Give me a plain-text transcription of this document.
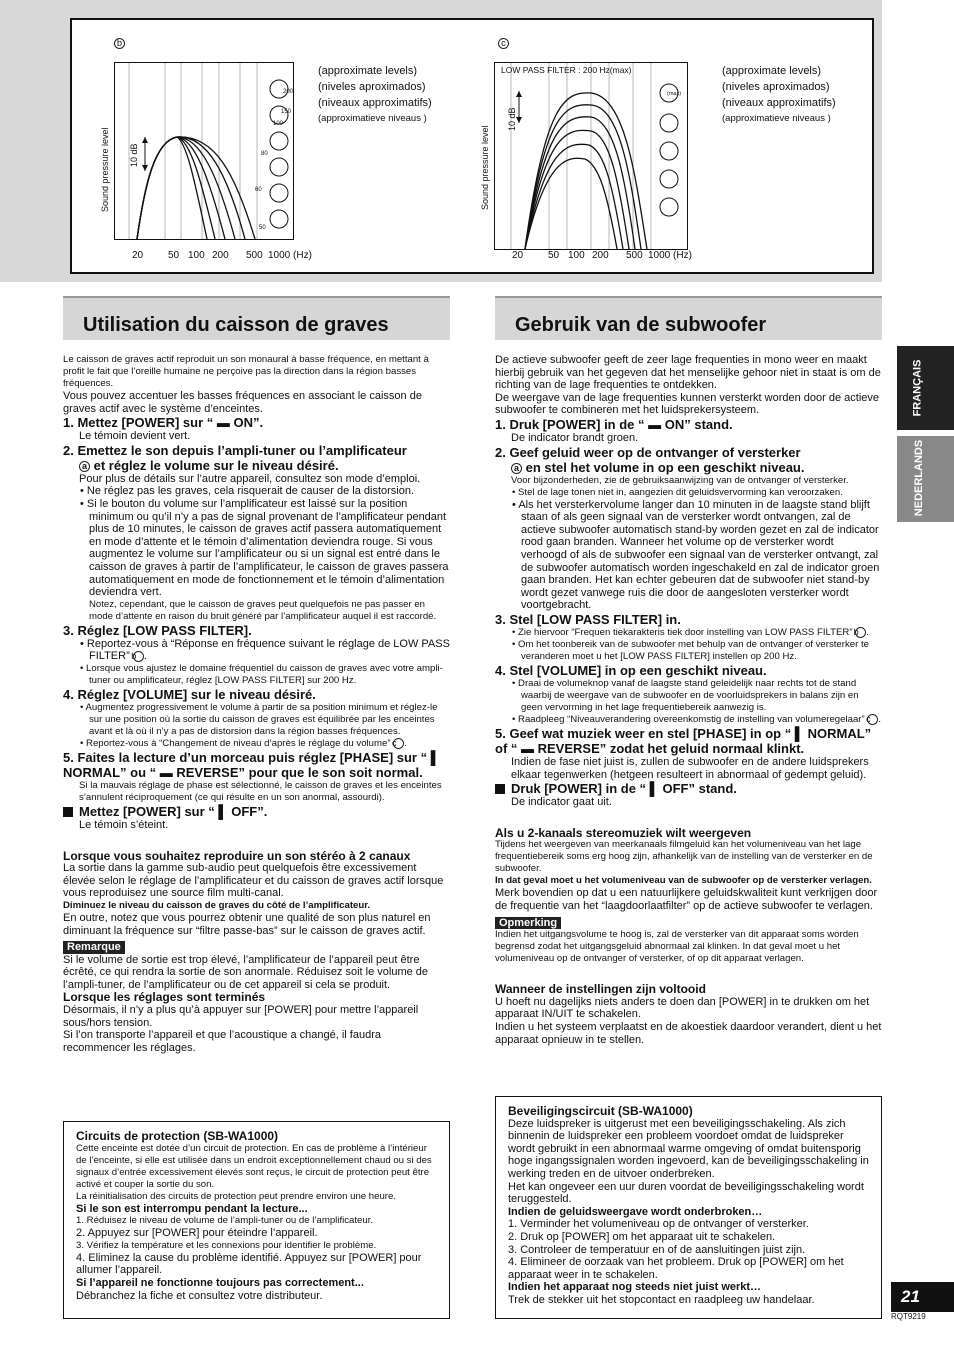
b
200
150
100
80
60
50
10 dB
Sound pressure level
20 50 100 200 500 1000 (Hz)
(approximate levels)
(niveles aproximados)
(niveaux approximatifs)
(approximatieve niveaus )
c
LOW PASS FILTER : 200 Hz(max)
(max)
10 dB
Sound pressure level
20 50 100 200 500 1000 (Hz)
(approximate levels)
(niveles aproximados)
(niveaux approximatifs)
(approximatieve niveaus )
Utilisation du caisson de graves	Gebruik van de subwoofer

Le caisson de graves actif reproduit un son monaural à basse fréquence, en mettant à profit le fait que l’oreille humaine ne perçoive pas la direction dans la région basses fréquences.

Vous pouvez accentuer les basses fréquences en associant le caisson de graves actif avec le système d’enceintes.

1. Mettez [POWER] sur “ ▬ ON”.

Le témoin devient vert.

2. Emettez le son depuis l’ampli-tuner ou l’amplificateur

a et réglez le volume sur le niveau désiré.

Pour plus de détails sur l’autre appareil, consultez son mode d’emploi.

• Ne réglez pas les graves, cela risquerait de causer de la distorsion.

• Si le bouton du volume sur l’amplificateur est laissé sur la position minimum ou qu’il n’y a pas de signal provenant de l’amplificateur pendant plus de 10 minutes, le caisson de graves actif passera automatiquement en mode d’attente et le témoin d’alimentation deviendra rouge. Si vous augmentez le volume sur l’amplificateur ou si un signal est entré dans le caisson de graves à partir de l’amplificateur, le caisson de graves passera automatiquement en mode de fonctionnement et le témoin d’alimentation deviendra vert.

Notez, cependant, que le caisson de graves peut quelquefois ne pas passer en mode d’attente en raison du bruit généré par l’amplificateur auquel il est raccordé.

3. Réglez [LOW PASS FILTER].

• Reportez-vous à “Réponse en fréquence suivant le réglage de LOW PASS FILTER” b .

• Lorsque vous ajustez le domaine fréquentiel du caisson de graves avec votre ampli-tuner ou amplificateur, réglez [LOW PASS FILTER] sur 200 Hz.

4. Réglez [VOLUME] sur le niveau désiré.

• Augmentez progressivement le volume à partir de sa position minimum et réglez-le sur une position où la sortie du caisson de graves est équilibrée par les enceintes avant et là où il n’y a pas de distorsion dans la région basses fréquences.

• Reportez-vous à “Changement de niveau d’après le réglage du volume” c .

5. Faites la lecture d’un morceau puis réglez [PHASE] sur “ ▌ NORMAL” ou “ ▬ REVERSE” pour que le son soit normal.

Si la mauvais réglage de phase est sélectionné, le caisson de graves et les enceintes s’annulent réciproquement (ce qui résulte en un son anormal, assourdi).

Mettez [POWER] sur “ ▌ OFF”.

Le témoin s’éteint.

Lorsque vous souhaitez reproduire un son stéréo à 2 canaux

La sortie dans la gamme sub-audio peut quelquefois être excessivement élevée selon le réglage de l’amplificateur et du caisson de graves actif lorsque vous reproduisez une source film multi-canal.

Diminuez le niveau du caisson de graves du côté de l’amplificateur.

En outre, notez que vous pourrez obtenir une qualité de son plus naturel en diminuant la fréquence sur “filtre passe-bas” sur le caisson de graves actif.

Remarque

Si le volume de sortie est trop élevé, l’amplificateur de l’appareil peut être écrêté, ce qui rendra la sortie de son anormale. Réduisez soit le volume de l’ampli-tuner, de l’amplificateur ou de cet appareil si cela se produit.

Lorsque les réglages sont terminés

Désormais, il n’y a plus qu’à appuyer sur [POWER] pour mettre l’appareil sous/hors tension.

Si l’on transporte l’appareil et que l’acoustique a changé, il faudra recommencer les réglages.

Circuits de protection (SB-WA1000)

Cette enceinte est dotée d’un circuit de protection. En cas de problème à l’intérieur de l’enceinte, si elle est utilisée dans un endroit exceptionnellement chaud ou si des signaux d’entrée excessivement élevés sont reçus, le circuit de protection peut être activé et couper la sortie du son.

La réinitialisation des circuits de protection peut prendre environ une heure.

Si le son est interrompu pendant la lecture...

1. Réduisez le niveau de volume de l’ampli-tuner ou de l’amplificateur.

2. Appuyez sur [POWER] pour éteindre l’appareil.

3. Vérifiez la température et les connexions pour identifier le problème.

4. Eliminez la cause du problème identifié. Appuyez sur [POWER] pour allumer l’appareil.

Si l’appareil ne fonctionne toujours pas correctement...

Débranchez la fiche et consultez votre distributeur.

De actieve subwoofer geeft de zeer lage frequenties in mono weer en maakt hierbij gebruik van het gegeven dat het menselijke gehoor niet in staat is om de richting van de lage frequenties te ontdekken.

De weergave van de lage frequenties kunnen versterkt worden door de actieve subwoofer te combineren met het luidsprekersysteem.

1. Druk [POWER] in de “ ▬ ON” stand.

De indicator brandt groen.

2. Geef geluid weer op de ontvanger of versterker

a en stel het volume in op een geschikt niveau.

Voor bijzonderheden, zie de gebruiksaanwijzing van de ontvanger of versterker.

• Stel de lage tonen niet in, aangezien dit geluidsvervorming kan veroorzaken.

• Als het versterkervolume langer dan 10 minuten in de laagste stand blijft staan of als geen signaal van de versterker wordt ontvangen, zal de actieve subwoofer automatisch stand-by worden gezet en zal de indicator rood gaan branden. Wanneer het volume op de versterker wordt verhoogd of als de subwoofer een signaal van de versterker ontvangt, zal de subwoofer automatisch worden ingeschakeld en zal de indicator groen gaan branden. Het kan echter gebeuren dat de subwoofer niet stand-by wordt gezet vanwege ruis die door de aangesloten versterker wordt voortgebracht.

3. Stel [LOW PASS FILTER] in.

• Zie hiervoor “Frequen tiekarakteris tiek door instelling van LOW PASS FILTER” b .

• Om het toonbereik van de subwoofer met behulp van de ontvanger of versterker te veranderen moet u het [LOW PASS FILTER] instellen op 200 Hz.

4. Stel [VOLUME] in op een geschikt niveau.

• Draai de volumeknop vanaf de laagste stand geleidelijk naar rechts tot de stand waarbij de weergave van de subwoofer en de voorluidsprekers in balans zijn en geen vervorming in het lage frequentiebereik aanwezig is.

• Raadpleeg “Niveauverandering overeenkomstig de instelling van volumeregelaar” c .

5. Geef wat muziek weer en stel [PHASE] in op “ ▌ NORMAL” of “ ▬ REVERSE” zodat het geluid normaal klinkt.

Indien de fase niet juist is, zullen de subwoofer en de andere luidsprekers elkaar tegenwerken (hetgeen resulteert in abnormaal of gedempt geluid).

Druk [POWER] in de “ ▌ OFF” stand.

De indicator gaat uit.

Als u 2-kanaals stereomuziek wilt weergeven

Tijdens het weergeven van meerkanaals filmgeluid kan het volumeniveau van het lage frequentiebereik soms erg hoog zijn, afhankelijk van de instelling van de versterker en de subwoofer.

In dat geval moet u het volumeniveau van de subwoofer op de versterker verlagen.

Merk bovendien op dat u een natuurlijkere geluidskwaliteit kunt verkrijgen door de frequentie van het “laagdoorlaatfilter” op de actieve subwoofer te verlagen.

Opmerking

Indien het uitgangsvolume te hoog is, zal de versterker van dit apparaat soms worden begrensd zodat het uitgangsgeluid abnormaal zal klinken. In dat geval moet u het volumeniveau op de ontvanger of versterker, of op dit apparaat verlagen.

Wanneer de instellingen zijn voltooid

U hoeft nu dagelijks niets anders te doen dan [POWER] in te drukken om het apparaat IN/UIT te schakelen.

Indien u het systeem verplaatst en de akoestiek daardoor verandert, dient u het apparaat opnieuw in te stellen.

Beveiligingscircuit (SB-WA1000)

Deze luidspreker is uitgerust met een beveiligingsschakeling. Als zich binnenin de luidspreker een probleem voordoet omdat de luidspreker wordt gebruikt in een abnormaal warme omgeving of omdat buitensporig hoge ingangssignalen worden ingevoerd, kan de beveiligingsschakeling in werking treden en de uitvoer onderbreken.

Het kan ongeveer een uur duren voordat de beveiligingsschakeling wordt teruggesteld.

Indien de geluidsweergave wordt onderbroken…

1. Verminder het volumeniveau op de ontvanger of versterker.

2. Druk op [POWER] om het apparaat uit te schakelen.

3. Controleer de temperatuur en of de aansluitingen juist zijn.

4. Elimineer de oorzaak van het probleem. Druk op [POWER] om het apparaat weer in te schakelen.

Indien het apparaat nog steeds niet juist werkt…

Trek de stekker uit het stopcontact en raadpleeg uw handelaar.

FRANÇAIS
NEDERLANDS
21
RQT9219
